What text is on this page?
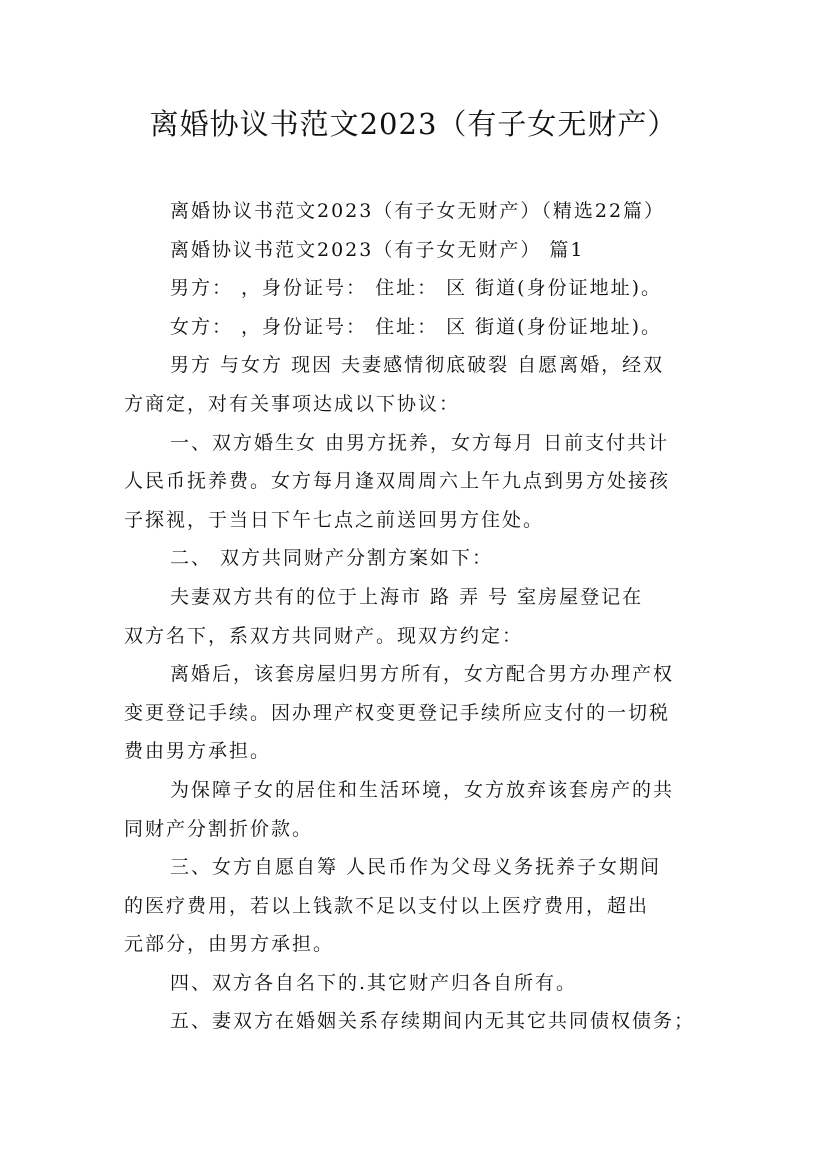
离婚协议书范文2023（有子女无财产）
离婚协议书范文2023（有子女无财产）（精选22篇）
离婚协议书范文2023（有子女无财产） 篇1
男方： ，身份证号： 住址： 区 街道(身份证地址)。
女方： ，身份证号： 住址： 区 街道(身份证地址)。
男方 与女方 现因 夫妻感情彻底破裂 自愿离婚，经双
方商定，对有关事项达成以下协议：
一、双方婚生女 由男方抚养，女方每月 日前支付共计
人民币抚养费。女方每月逢双周周六上午九点到男方处接孩
子探视，于当日下午七点之前送回男方住处。
二、 双方共同财产分割方案如下：
夫妻双方共有的位于上海市 路 弄 号 室房屋登记在
双方名下，系双方共同财产。现双方约定：
离婚后，该套房屋归男方所有，女方配合男方办理产权
变更登记手续。因办理产权变更登记手续所应支付的一切税
费由男方承担。
为保障子女的居住和生活环境，女方放弃该套房产的共
同财产分割折价款。
三、女方自愿自筹 人民币作为父母义务抚养子女期间
的医疗费用，若以上钱款不足以支付以上医疗费用，超出
元部分，由男方承担。
四、双方各自名下的.其它财产归各自所有。
五、妻双方在婚姻关系存续期间内无其它共同债权债务；
